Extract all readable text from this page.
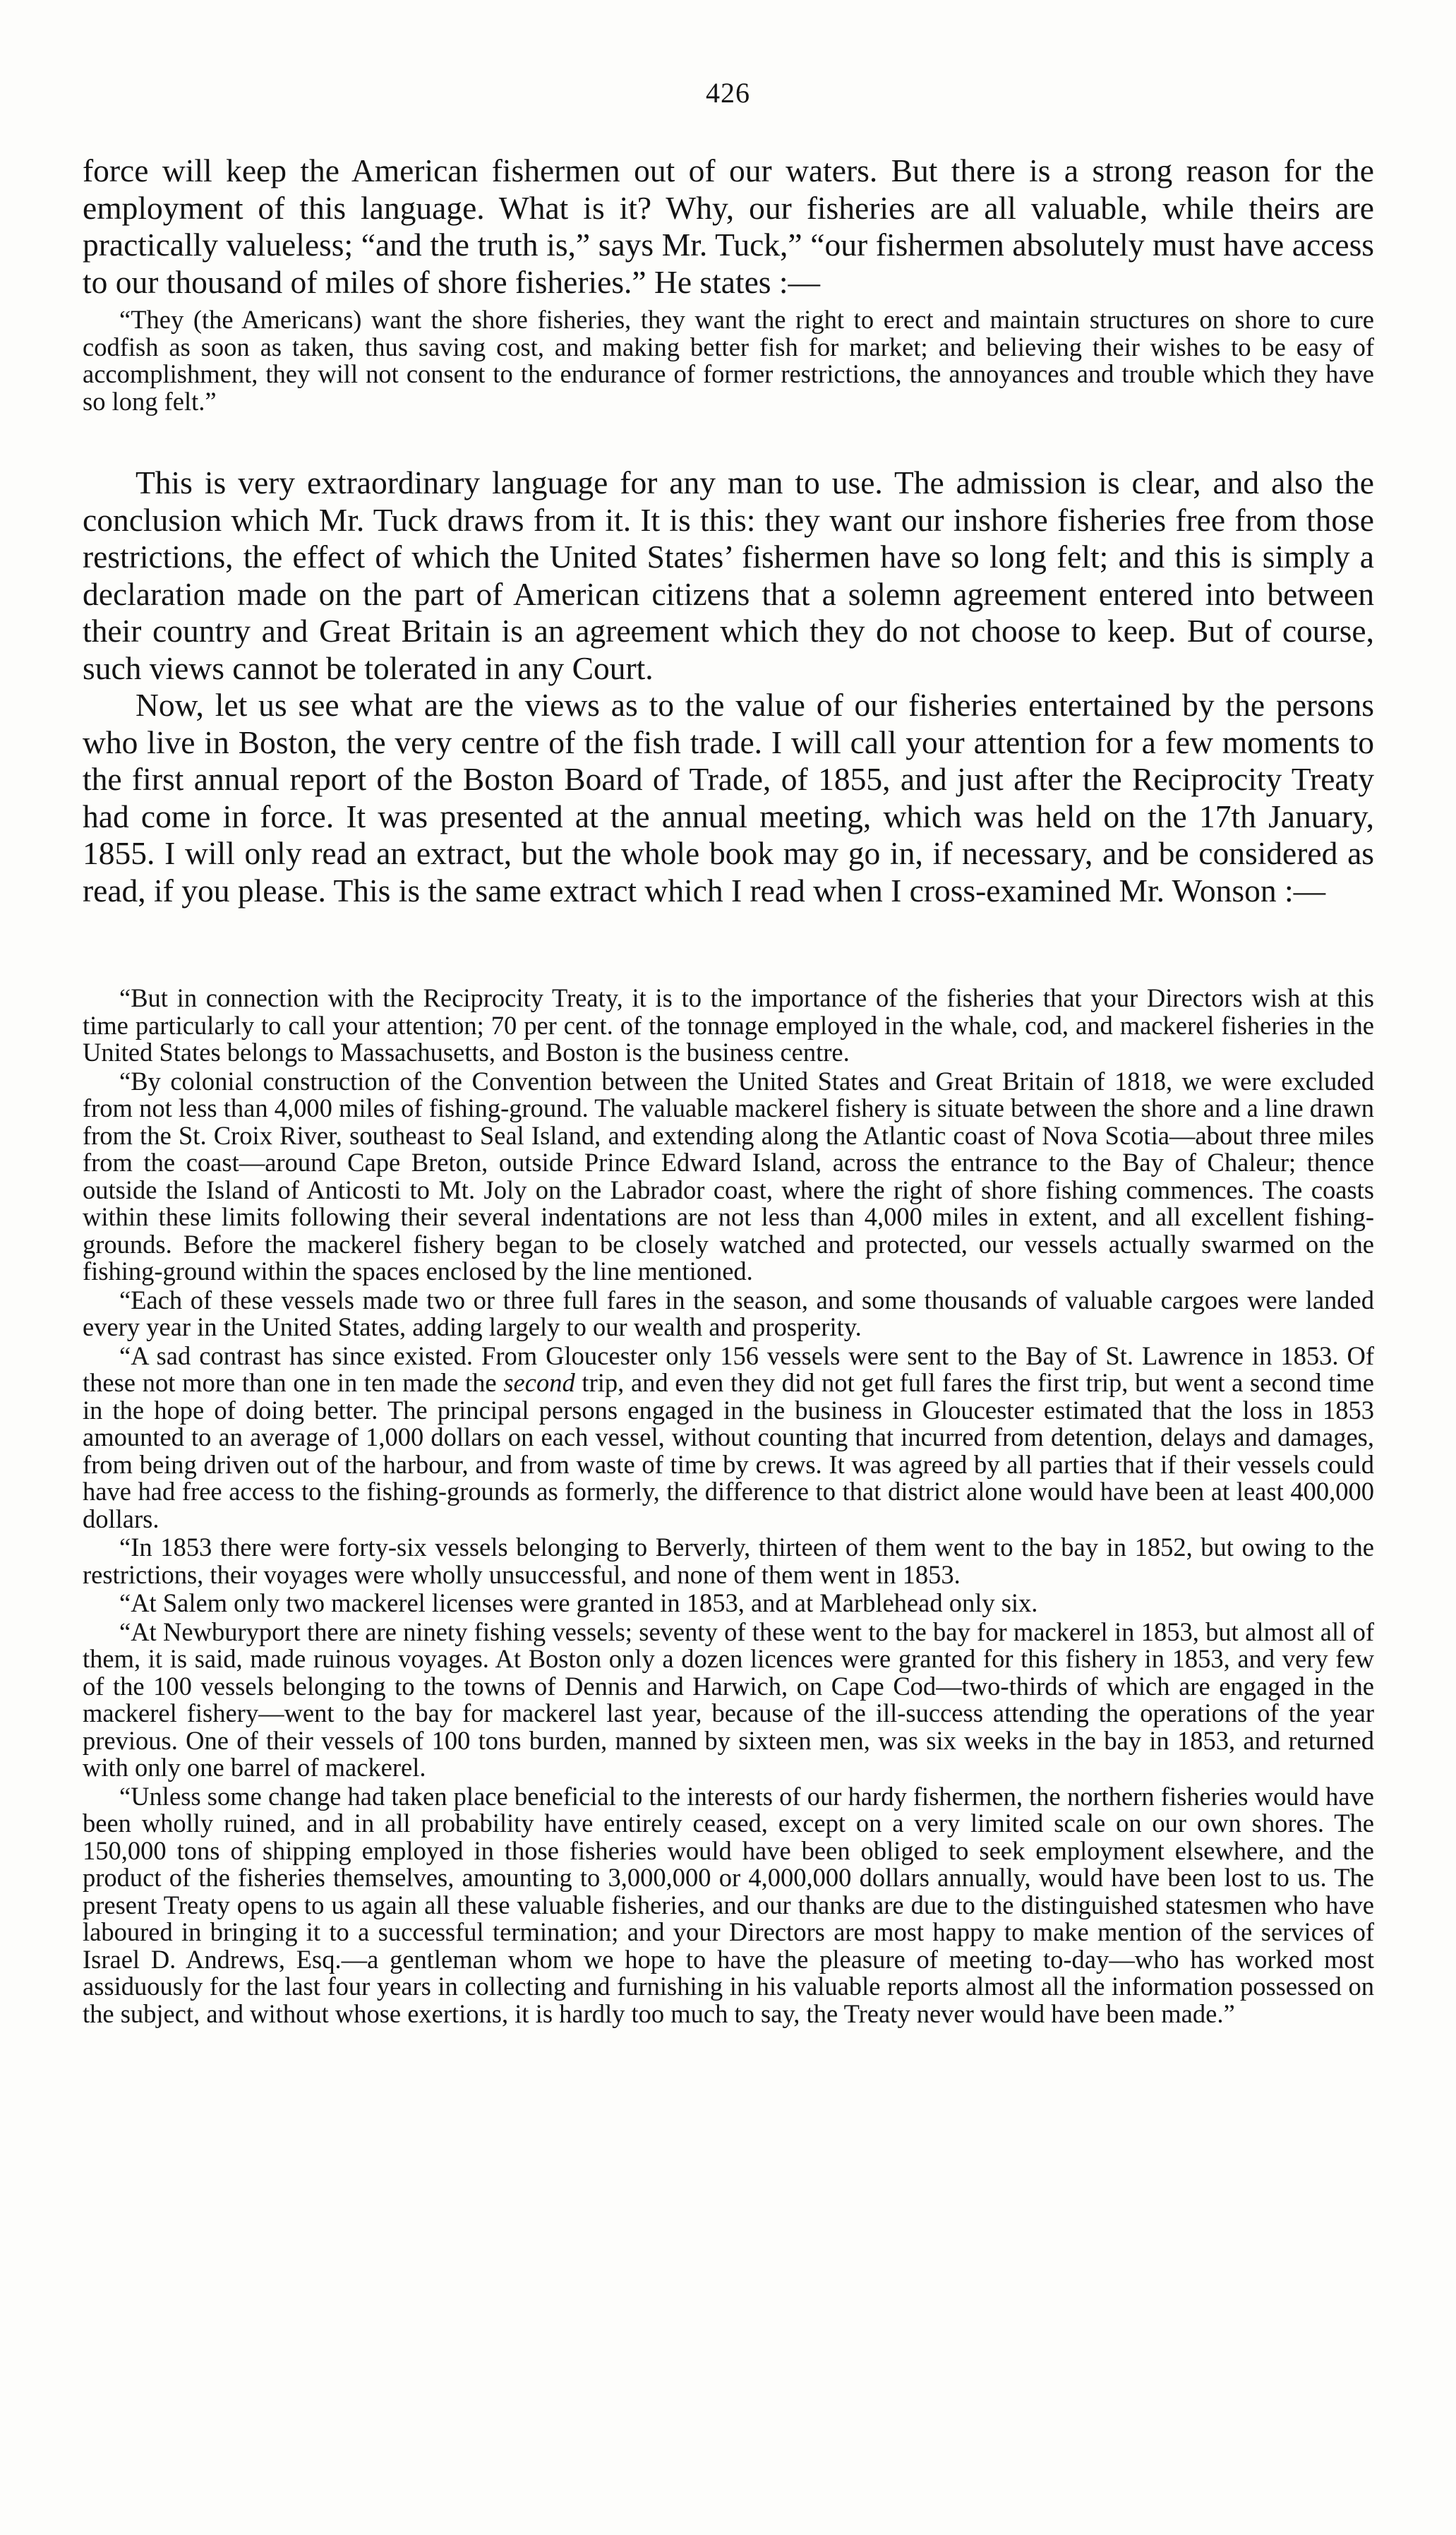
426

force will keep the American fishermen out of our waters. But there is a strong reason for the employment of this language. What is it? Why, our fisheries are all valuable, while theirs are practically valueless; “and the truth is,” says Mr. Tuck,” “our fishermen absolutely must have access to our thousand of miles of shore fisheries.” He states :—

“They (the Americans) want the shore fisheries, they want the right to erect and maintain structures on shore to cure codfish as soon as taken, thus saving cost, and making better fish for market; and believing their wishes to be easy of accomplishment, they will not consent to the endurance of former restrictions, the annoyances and trouble which they have so long felt.”

This is very extraordinary language for any man to use. The admission is clear, and also the conclusion which Mr. Tuck draws from it. It is this: they want our inshore fisheries free from those restrictions, the effect of which the United States’ fishermen have so long felt; and this is simply a declaration made on the part of American citizens that a solemn agreement entered into between their country and Great Britain is an agreement which they do not choose to keep. But of course, such views cannot be tolerated in any Court.

Now, let us see what are the views as to the value of our fisheries entertained by the persons who live in Boston, the very centre of the fish trade. I will call your attention for a few moments to the first annual report of the Boston Board of Trade, of 1855, and just after the Reciprocity Treaty had come in force. It was presented at the annual meeting, which was held on the 17th January, 1855. I will only read an extract, but the whole book may go in, if necessary, and be considered as read, if you please. This is the same extract which I read when I cross-examined Mr. Wonson :—

“But in connection with the Reciprocity Treaty, it is to the importance of the fisheries that your Directors wish at this time particularly to call your attention; 70 per cent. of the tonnage employed in the whale, cod, and mackerel fisheries in the United States belongs to Massachusetts, and Boston is the business centre.

“By colonial construction of the Convention between the United States and Great Britain of 1818, we were excluded from not less than 4,000 miles of fishing-ground. The valuable mackerel fishery is situate between the shore and a line drawn from the St. Croix River, southeast to Seal Island, and extending along the Atlantic coast of Nova Scotia—about three miles from the coast—around Cape Breton, outside Prince Edward Island, across the entrance to the Bay of Chaleur; thence outside the Island of Anticosti to Mt. Joly on the Labrador coast, where the right of shore fishing commences. The coasts within these limits following their several indentations are not less than 4,000 miles in extent, and all excellent fishing-grounds. Before the mackerel fishery began to be closely watched and protected, our vessels actually swarmed on the fishing-ground within the spaces enclosed by the line mentioned.

“Each of these vessels made two or three full fares in the season, and some thousands of valuable cargoes were landed every year in the United States, adding largely to our wealth and prosperity.

“A sad contrast has since existed. From Gloucester only 156 vessels were sent to the Bay of St. Lawrence in 1853. Of these not more than one in ten made the second trip, and even they did not get full fares the first trip, but went a second time in the hope of doing better. The principal persons engaged in the business in Gloucester estimated that the loss in 1853 amounted to an average of 1,000 dollars on each vessel, without counting that incurred from detention, delays and damages, from being driven out of the harbour, and from waste of time by crews. It was agreed by all parties that if their vessels could have had free access to the fishing-grounds as formerly, the difference to that district alone would have been at least 400,000 dollars.

“In 1853 there were forty-six vessels belonging to Berverly, thirteen of them went to the bay in 1852, but owing to the restrictions, their voyages were wholly unsuccessful, and none of them went in 1853.

“At Salem only two mackerel licenses were granted in 1853, and at Marblehead only six.

“At Newburyport there are ninety fishing vessels; seventy of these went to the bay for mackerel in 1853, but almost all of them, it is said, made ruinous voyages. At Boston only a dozen licences were granted for this fishery in 1853, and very few of the 100 vessels belonging to the towns of Dennis and Harwich, on Cape Cod—two-thirds of which are engaged in the mackerel fishery—went to the bay for mackerel last year, because of the ill-success attending the operations of the year previous. One of their vessels of 100 tons burden, manned by sixteen men, was six weeks in the bay in 1853, and returned with only one barrel of mackerel.

“Unless some change had taken place beneficial to the interests of our hardy fishermen, the northern fisheries would have been wholly ruined, and in all probability have entirely ceased, except on a very limited scale on our own shores. The 150,000 tons of shipping employed in those fisheries would have been obliged to seek employment elsewhere, and the product of the fisheries themselves, amounting to 3,000,000 or 4,000,000 dollars annually, would have been lost to us. The present Treaty opens to us again all these valuable fisheries, and our thanks are due to the distinguished statesmen who have laboured in bringing it to a successful termination; and your Directors are most happy to make mention of the services of Israel D. Andrews, Esq.—a gentleman whom we hope to have the pleasure of meeting to-day—who has worked most assiduously for the last four years in collecting and furnishing in his valuable reports almost all the information possessed on the subject, and without whose exertions, it is hardly too much to say, the Treaty never would have been made.”
